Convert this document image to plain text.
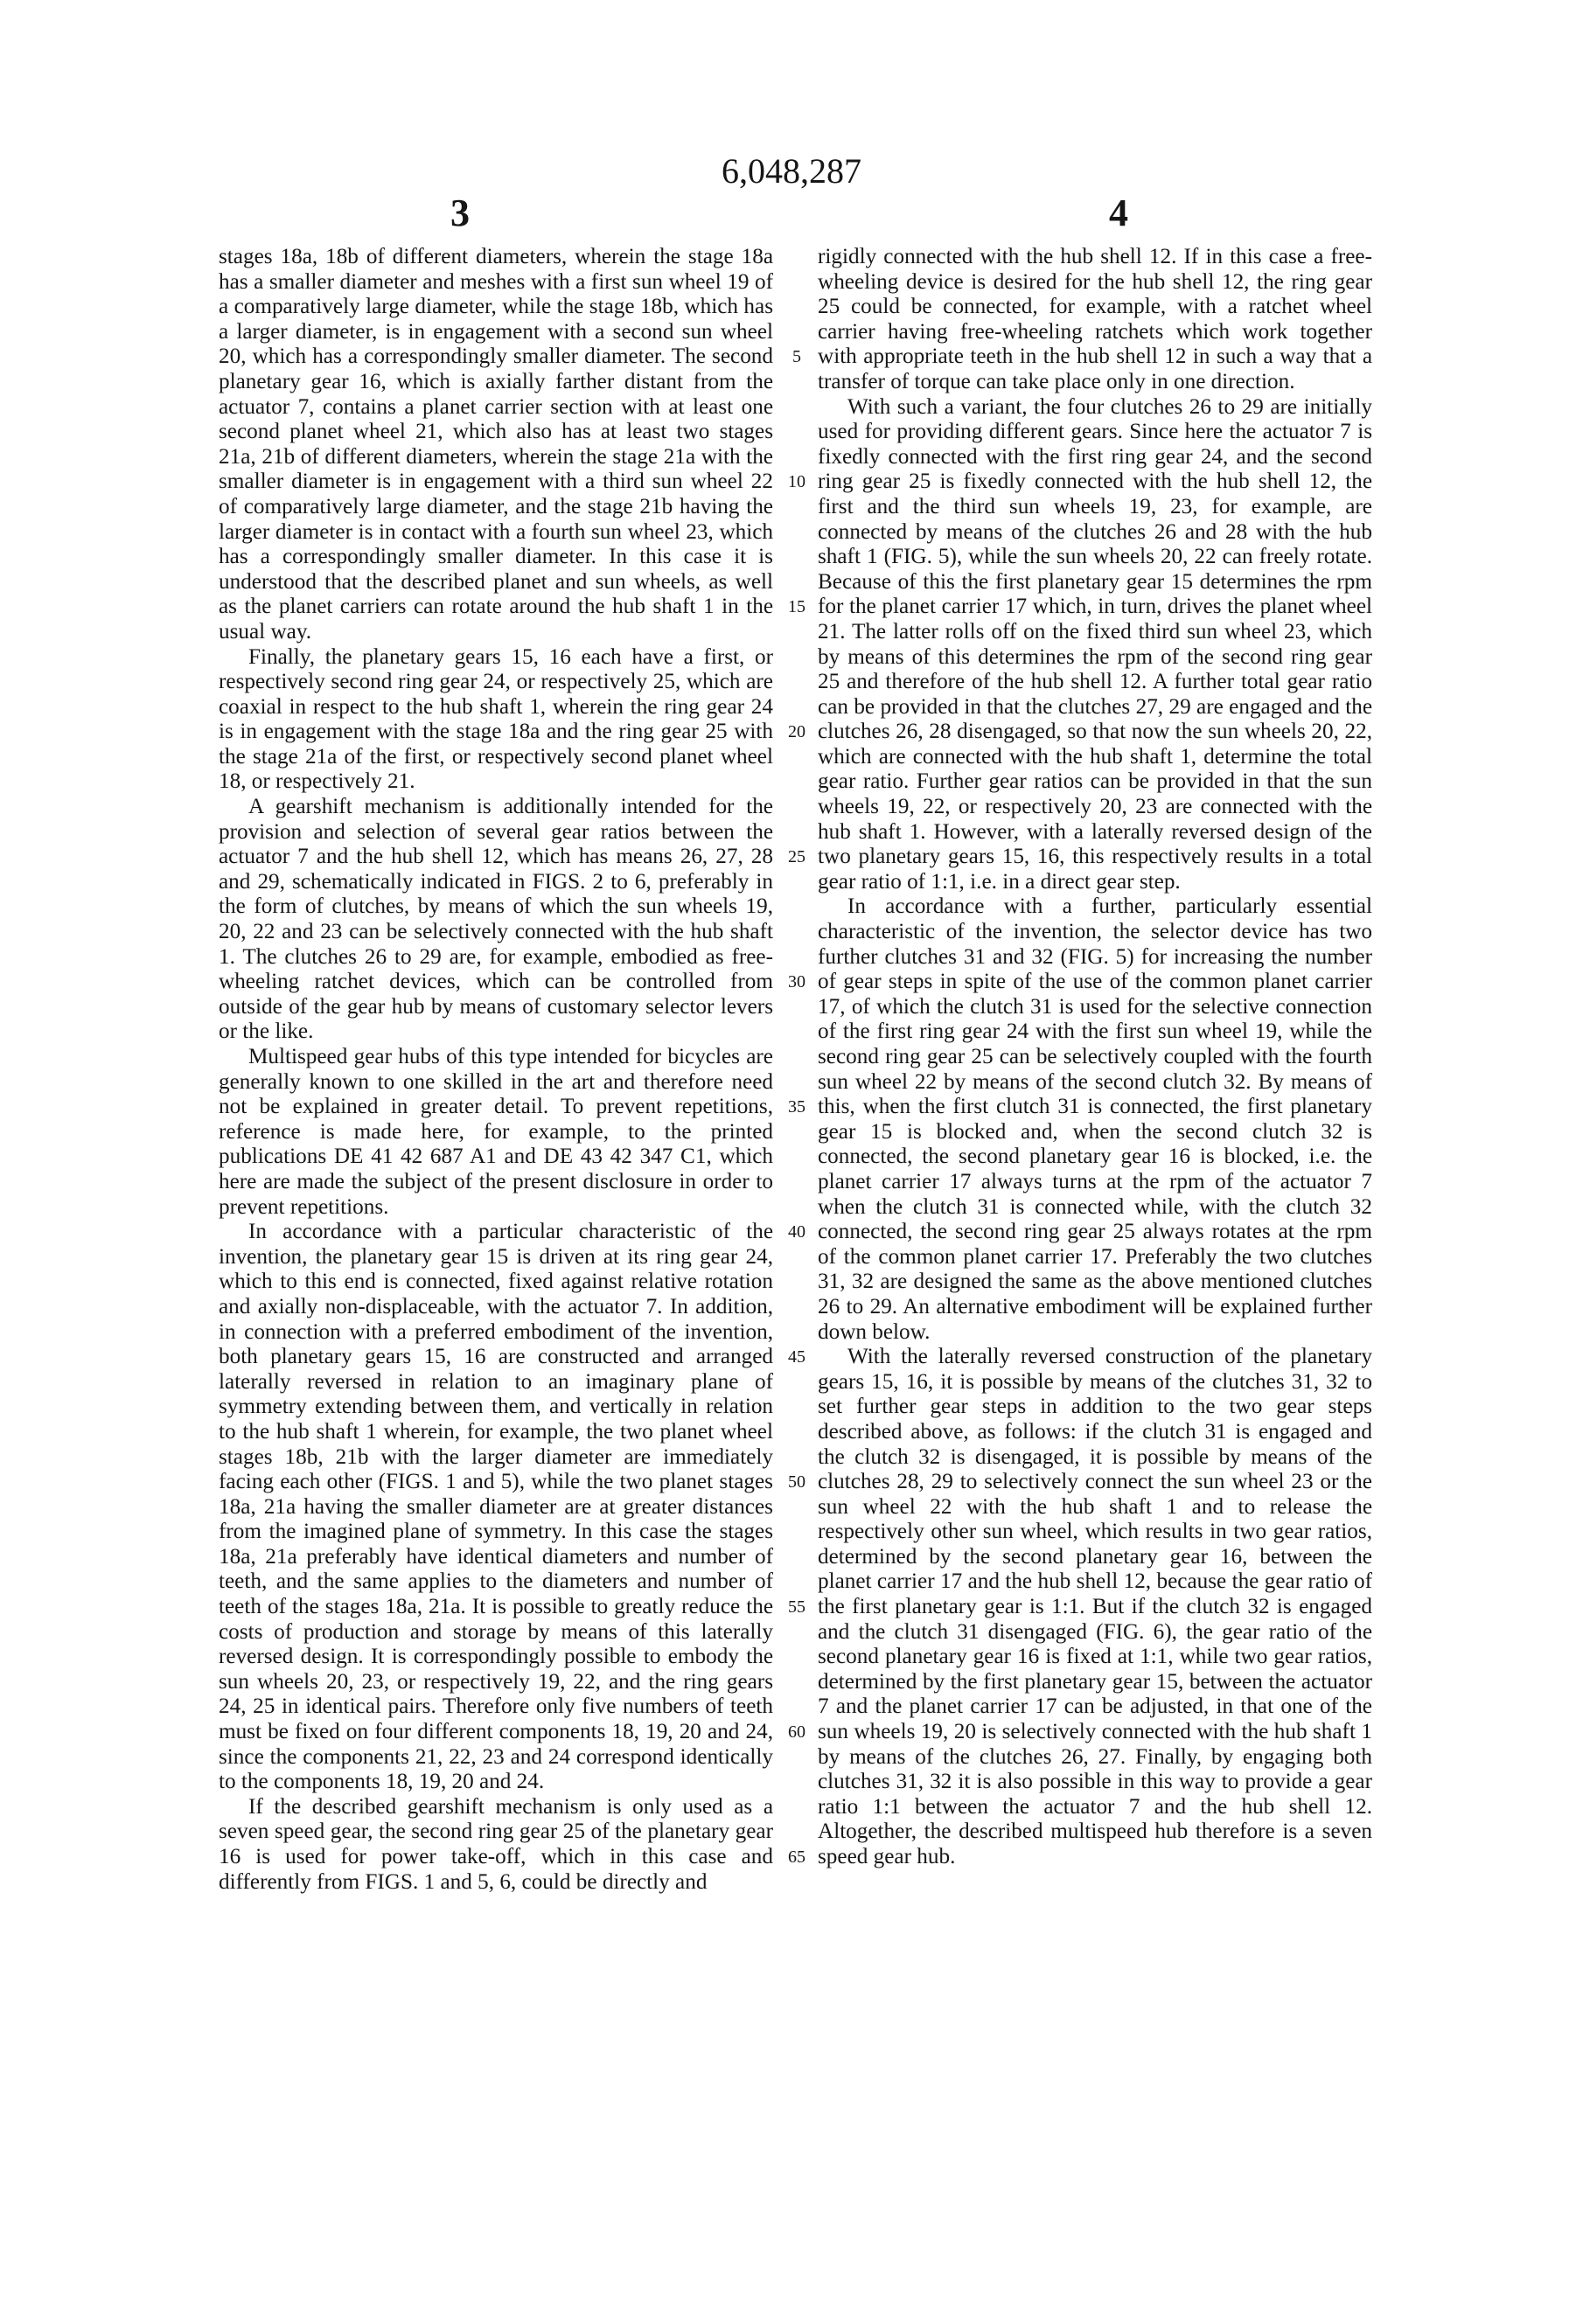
6,048,287
3	4

stages 18a, 18b of different diameters, wherein the stage 18a has a smaller diameter and meshes with a first sun wheel 19 of a comparatively large diameter, while the stage 18b, which has a larger diameter, is in engagement with a second sun wheel 20, which has a correspondingly smaller diameter. The second planetary gear 16, which is axially farther distant from the actuator 7, contains a planet carrier section with at least one second planet wheel 21, which also has at least two stages 21a, 21b of different diameters, wherein the stage 21a with the smaller diameter is in engagement with a third sun wheel 22 of comparatively large diameter, and the stage 21b having the larger diameter is in contact with a fourth sun wheel 23, which has a correspondingly smaller diameter. In this case it is understood that the described planet and sun wheels, as well as the planet carriers can rotate around the hub shaft 1 in the usual way.

Finally, the planetary gears 15, 16 each have a first, or respectively second ring gear 24, or respectively 25, which are coaxial in respect to the hub shaft 1, wherein the ring gear 24 is in engagement with the stage 18a and the ring gear 25 with the stage 21a of the first, or respectively second planet wheel 18, or respectively 21.

A gearshift mechanism is additionally intended for the provision and selection of several gear ratios between the actuator 7 and the hub shell 12, which has means 26, 27, 28 and 29, schematically indicated in FIGS. 2 to 6, preferably in the form of clutches, by means of which the sun wheels 19, 20, 22 and 23 can be selectively connected with the hub shaft 1. The clutches 26 to 29 are, for example, embodied as free-wheeling ratchet devices, which can be controlled from outside of the gear hub by means of customary selector levers or the like.

Multispeed gear hubs of this type intended for bicycles are generally known to one skilled in the art and therefore need not be explained in greater detail. To prevent repetitions, reference is made here, for example, to the printed publications DE 41 42 687 A1 and DE 43 42 347 C1, which here are made the subject of the present disclosure in order to prevent repetitions.

In accordance with a particular characteristic of the invention, the planetary gear 15 is driven at its ring gear 24, which to this end is connected, fixed against relative rotation and axially non-displaceable, with the actuator 7. In addition, in connection with a preferred embodiment of the invention, both planetary gears 15, 16 are constructed and arranged laterally reversed in relation to an imaginary plane of symmetry extending between them, and vertically in relation to the hub shaft 1 wherein, for example, the two planet wheel stages 18b, 21b with the larger diameter are immediately facing each other (FIGS. 1 and 5), while the two planet stages 18a, 21a having the smaller diameter are at greater distances from the imagined plane of symmetry. In this case the stages 18a, 21a preferably have identical diameters and number of teeth, and the same applies to the diameters and number of teeth of the stages 18a, 21a. It is possible to greatly reduce the costs of production and storage by means of this laterally reversed design. It is correspondingly possible to embody the sun wheels 20, 23, or respectively 19, 22, and the ring gears 24, 25 in identical pairs. Therefore only five numbers of teeth must be fixed on four different components 18, 19, 20 and 24, since the components 21, 22, 23 and 24 correspond identically to the components 18, 19, 20 and 24.

If the described gearshift mechanism is only used as a seven speed gear, the second ring gear 25 of the planetary gear 16 is used for power take-off, which in this case and differently from FIGS. 1 and 5, 6, could be directly and

5
10
15
20
25
30
35
40
45
50
55
60
65

rigidly connected with the hub shell 12. If in this case a free-wheeling device is desired for the hub shell 12, the ring gear 25 could be connected, for example, with a ratchet wheel carrier having free-wheeling ratchets which work together with appropriate teeth in the hub shell 12 in such a way that a transfer of torque can take place only in one direction.

With such a variant, the four clutches 26 to 29 are initially used for providing different gears. Since here the actuator 7 is fixedly connected with the first ring gear 24, and the second ring gear 25 is fixedly connected with the hub shell 12, the first and the third sun wheels 19, 23, for example, are connected by means of the clutches 26 and 28 with the hub shaft 1 (FIG. 5), while the sun wheels 20, 22 can freely rotate. Because of this the first planetary gear 15 determines the rpm for the planet carrier 17 which, in turn, drives the planet wheel 21. The latter rolls off on the fixed third sun wheel 23, which by means of this determines the rpm of the second ring gear 25 and therefore of the hub shell 12. A further total gear ratio can be provided in that the clutches 27, 29 are engaged and the clutches 26, 28 disengaged, so that now the sun wheels 20, 22, which are connected with the hub shaft 1, determine the total gear ratio. Further gear ratios can be provided in that the sun wheels 19, 22, or respectively 20, 23 are connected with the hub shaft 1. However, with a laterally reversed design of the two planetary gears 15, 16, this respectively results in a total gear ratio of 1:1, i.e. in a direct gear step.

In accordance with a further, particularly essential characteristic of the invention, the selector device has two further clutches 31 and 32 (FIG. 5) for increasing the number of gear steps in spite of the use of the common planet carrier 17, of which the clutch 31 is used for the selective connection of the first ring gear 24 with the first sun wheel 19, while the second ring gear 25 can be selectively coupled with the fourth sun wheel 22 by means of the second clutch 32. By means of this, when the first clutch 31 is connected, the first planetary gear 15 is blocked and, when the second clutch 32 is connected, the second planetary gear 16 is blocked, i.e. the planet carrier 17 always turns at the rpm of the actuator 7 when the clutch 31 is connected while, with the clutch 32 connected, the second ring gear 25 always rotates at the rpm of the common planet carrier 17. Preferably the two clutches 31, 32 are designed the same as the above mentioned clutches 26 to 29. An alternative embodiment will be explained further down below.

With the laterally reversed construction of the planetary gears 15, 16, it is possible by means of the clutches 31, 32 to set further gear steps in addition to the two gear steps described above, as follows: if the clutch 31 is engaged and the clutch 32 is disengaged, it is possible by means of the clutches 28, 29 to selectively connect the sun wheel 23 or the sun wheel 22 with the hub shaft 1 and to release the respectively other sun wheel, which results in two gear ratios, determined by the second planetary gear 16, between the planet carrier 17 and the hub shell 12, because the gear ratio of the first planetary gear is 1:1. But if the clutch 32 is engaged and the clutch 31 disengaged (FIG. 6), the gear ratio of the second planetary gear 16 is fixed at 1:1, while two gear ratios, determined by the first planetary gear 15, between the actuator 7 and the planet carrier 17 can be adjusted, in that one of the sun wheels 19, 20 is selectively connected with the hub shaft 1 by means of the clutches 26, 27. Finally, by engaging both clutches 31, 32 it is also possible in this way to provide a gear ratio 1:1 between the actuator 7 and the hub shell 12. Altogether, the described multispeed hub therefore is a seven speed gear hub.
